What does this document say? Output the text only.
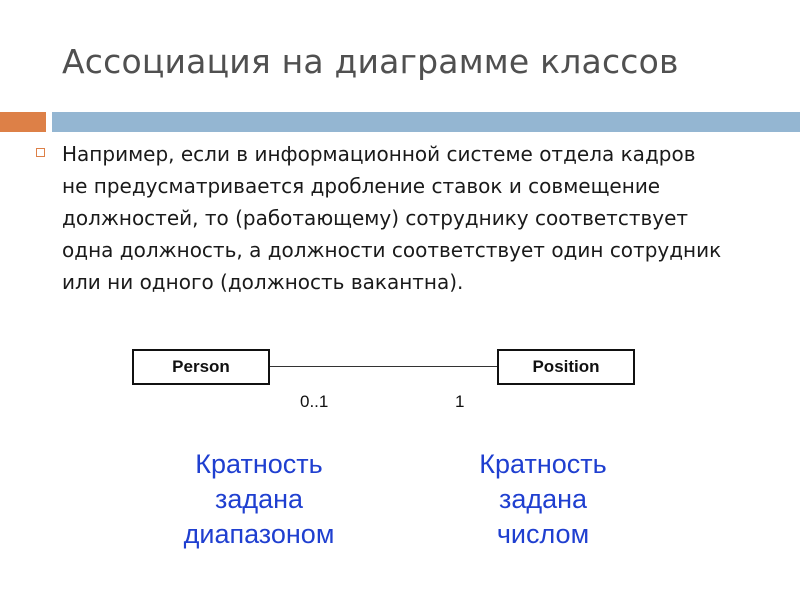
Ассоциация на диаграмме классов
Например, если в информационной системе отдела кадров
не предусматривается дробление ставок и совмещение
должностей, то (работающему) сотруднику соответствует
одна должность, а должности соответствует один сотрудник
или ни одного (должность вакантна).
Person	Position
0..1	1
Кратность
задана
диапазоном
Кратность
задана
числом
